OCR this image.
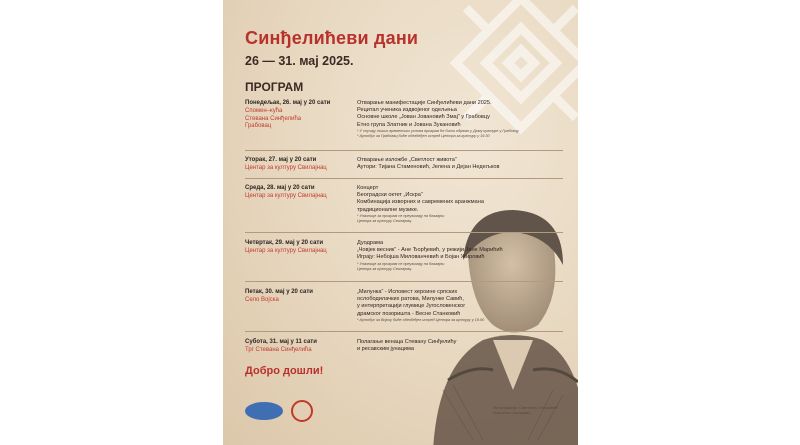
Синђелићеви дани
26 — 31. мај 2025.
ПРОГРАМ
Понедељак, 26. мај у 20 сати
Спомен–кућа
Стевана Синђелића
Грабовац
Отварање манифестације Синђелићеви дани 2025.
Рецитал ученика издвојеног одељења
Основне школе „Јован Јовановић Змај“ у Грабовцу
Етно група Златник и Јована Зукановић
* У случају лоших временских услова програм ће бити одржан у Дому културе у Грабовцу
* Аутобус за Грабовац биће обезбеђен испред Центра за културу у 19.30
Уторак, 27. мај у 20 сати
Центар за културу Свилајнац
Отварање изложбе „Светлост живота“
Аутори: Тијана Стаменовић, Јелена и Дејан Недељков
Среда, 28. мај у 20 сати
Центар за културу Свилајнац
Концерт
Београдски октет „Искра“
Комбинација изворних и савремених аранжмана
традиционалне музике.
* Улазнице за програм се преузимају на благајни
Центра за културу Свилајнац.
Четвртак, 29. мај у 20 сати
Центар за културу Свилајнац
Дуодрама
„Човјек весник“ - Ане Ђорђевић, у режији Јане Марићић
Играју: Небојша Милованчевић и Бојан Жировић
* Улазнице за програм се преузимају на благајни
Центра за културу Свилајнац.
Петак, 30. мај у 20 сати
Село Војска
„Милунка“ - Исповест хероине српских
ослободилачких ратова, Милунке Савић,
у интерпретацији глумице Југословенског
драмског позоришта - Весне Станковић
* Аутобус за Војску биће обезбеђен испред Центра за културу у 19.00
Субота, 31. мај у 11 сати
Трг Стевана Синђелића
Полагање венаца Стевану Синђелићу
и ресавским јунацима
Добро дошли!
Фотографија: Светлана Станковић
Општина Свилајнац
